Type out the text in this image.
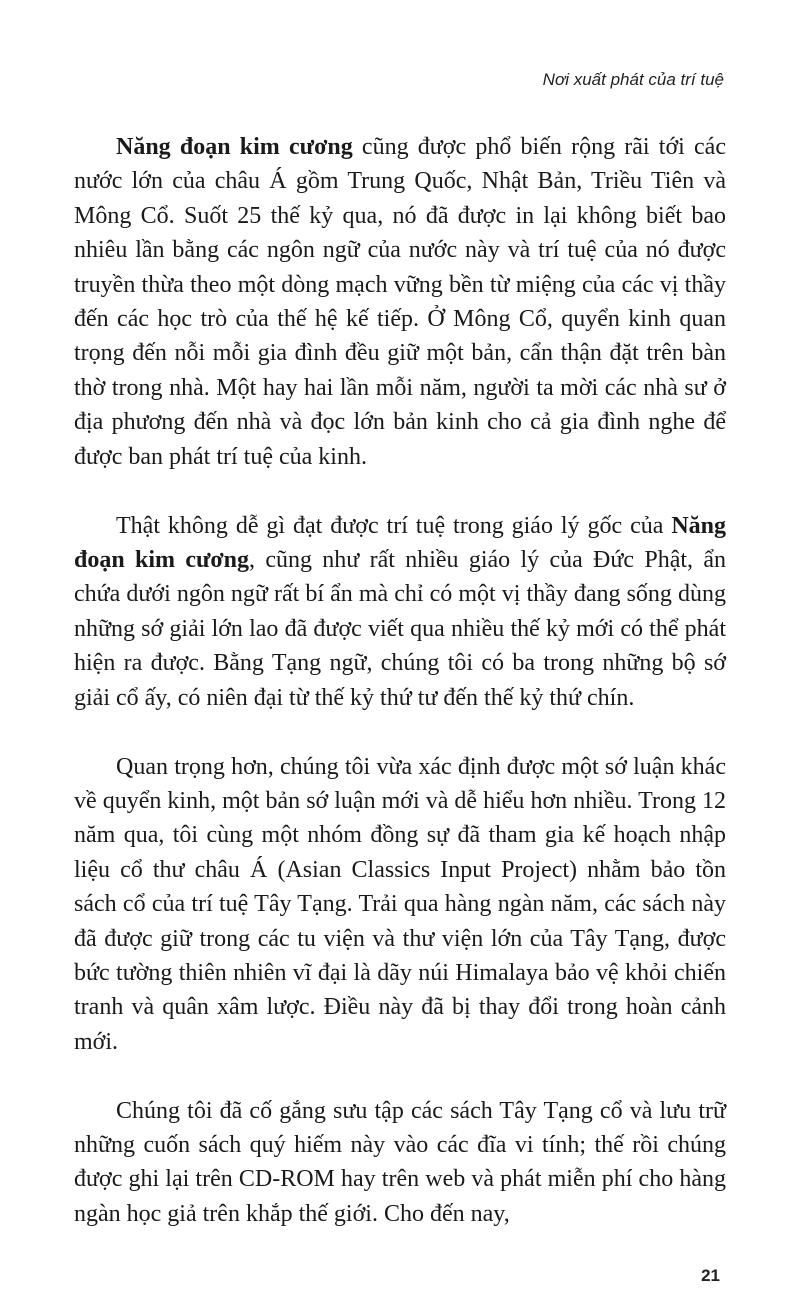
Nơi xuất phát của trí tuệ

Năng đoạn kim cương cũng được phổ biến rộng rãi tới các nước lớn của châu Á gồm Trung Quốc, Nhật Bản, Triều Tiên và Mông Cổ. Suốt 25 thế kỷ qua, nó đã được in lại không biết bao nhiêu lần bằng các ngôn ngữ của nước này và trí tuệ của nó được truyền thừa theo một dòng mạch vững bền từ miệng của các vị thầy đến các học trò của thế hệ kế tiếp. Ở Mông Cổ, quyển kinh quan trọng đến nỗi mỗi gia đình đều giữ một bản, cẩn thận đặt trên bàn thờ trong nhà. Một hay hai lần mỗi năm, người ta mời các nhà sư ở địa phương đến nhà và đọc lớn bản kinh cho cả gia đình nghe để được ban phát trí tuệ của kinh.

Thật không dễ gì đạt được trí tuệ trong giáo lý gốc của Năng đoạn kim cương, cũng như rất nhiều giáo lý của Đức Phật, ẩn chứa dưới ngôn ngữ rất bí ẩn mà chỉ có một vị thầy đang sống dùng những sớ giải lớn lao đã được viết qua nhiều thế kỷ mới có thể phát hiện ra được. Bằng Tạng ngữ, chúng tôi có ba trong những bộ sớ giải cổ ấy, có niên đại từ thế kỷ thứ tư đến thế kỷ thứ chín.

Quan trọng hơn, chúng tôi vừa xác định được một sớ luận khác về quyển kinh, một bản sớ luận mới và dễ hiểu hơn nhiều. Trong 12 năm qua, tôi cùng một nhóm đồng sự đã tham gia kế hoạch nhập liệu cổ thư châu Á (Asian Classics Input Project) nhằm bảo tồn sách cổ của trí tuệ Tây Tạng. Trải qua hàng ngàn năm, các sách này đã được giữ trong các tu viện và thư viện lớn của Tây Tạng, được bức tường thiên nhiên vĩ đại là dãy núi Himalaya bảo vệ khỏi chiến tranh và quân xâm lược. Điều này đã bị thay đổi trong hoàn cảnh mới.

Chúng tôi đã cố gắng sưu tập các sách Tây Tạng cổ và lưu trữ những cuốn sách quý hiếm này vào các đĩa vi tính; thế rồi chúng được ghi lại trên CD-ROM hay trên web và phát miễn phí cho hàng ngàn học giả trên khắp thế giới. Cho đến nay,

21
